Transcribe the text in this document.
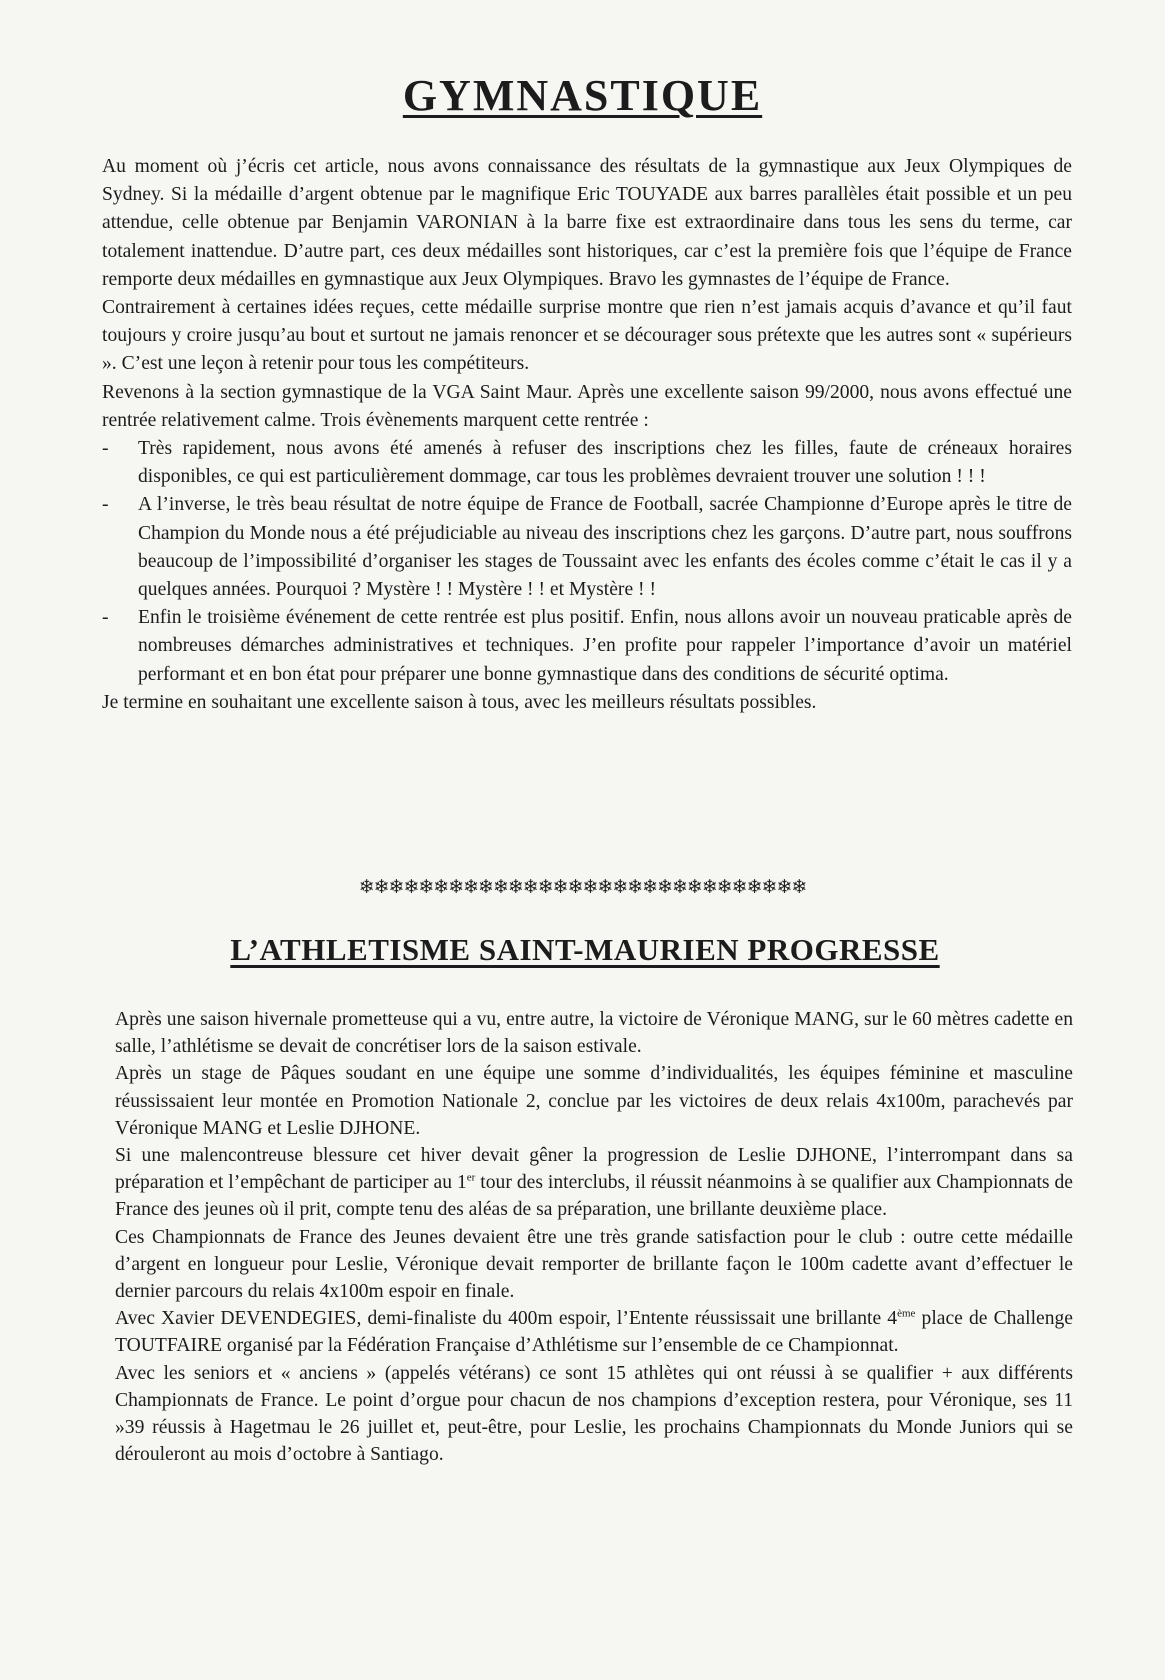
GYMNASTIQUE

Au moment où j’écris cet article, nous avons connaissance des résultats de la gymnastique aux Jeux Olympiques de Sydney. Si la médaille d’argent obtenue par le magnifique Eric TOUYADE aux barres parallèles était possible et un peu attendue, celle obtenue par Benjamin VARONIAN à la barre fixe est extraordinaire dans tous les sens du terme, car totalement inattendue. D’autre part, ces deux médailles sont historiques, car c’est la première fois que l’équipe de France remporte deux médailles en gymnastique aux Jeux Olympiques. Bravo les gymnastes de l’équipe de France.

Contrairement à certaines idées reçues, cette médaille surprise montre que rien n’est jamais acquis d’avance et qu’il faut toujours y croire jusqu’au bout et surtout ne jamais renoncer et se décourager sous prétexte que les autres sont « supérieurs ». C’est une leçon à retenir pour tous les compétiteurs.

Revenons à la section gymnastique de la VGA Saint Maur. Après une excellente saison 99/2000, nous avons effectué une rentrée relativement calme. Trois évènements marquent cette rentrée :

- Très rapidement, nous avons été amenés à refuser des inscriptions chez les filles, faute de créneaux horaires disponibles, ce qui est particulièrement dommage, car tous les problèmes devraient trouver une solution ! ! !
- A l’inverse, le très beau résultat de notre équipe de France de Football, sacrée Championne d’Europe après le titre de Champion du Monde nous a été préjudiciable au niveau des inscriptions chez les garçons. D’autre part, nous souffrons beaucoup de l’impossibilité d’organiser les stages de Toussaint avec les enfants des écoles comme c’était le cas il y a quelques années. Pourquoi ? Mystère ! ! Mystère ! ! et Mystère ! !
- Enfin le troisième événement de cette rentrée est plus positif. Enfin, nous allons avoir un nouveau praticable après de nombreuses démarches administratives et techniques. J’en profite pour rappeler l’importance d’avoir un matériel performant et en bon état pour préparer une bonne gymnastique dans des conditions de sécurité optima.

Je termine en souhaitant une excellente saison à tous, avec les meilleurs résultats possibles.

❄❄❄❄❄❄❄❄❄❄❄❄❄❄❄❄❄❄❄❄❄❄❄❄❄❄❄❄❄❄
L’ATHLETISME SAINT-MAURIEN PROGRESSE

Après une saison hivernale prometteuse qui a vu, entre autre, la victoire de Véronique MANG, sur le 60 mètres cadette en salle, l’athlétisme se devait de concrétiser lors de la saison estivale.

Après un stage de Pâques soudant en une équipe une somme d’individualités, les équipes féminine et masculine réussissaient leur montée en Promotion Nationale 2, conclue par les victoires de deux relais 4x100m, parachevés par Véronique MANG et Leslie DJHONE.

Si une malencontreuse blessure cet hiver devait gêner la progression de Leslie DJHONE, l’interrompant dans sa préparation et l’empêchant de participer au 1er tour des interclubs, il réussit néanmoins à se qualifier aux Championnats de France des jeunes où il prit, compte tenu des aléas de sa préparation, une brillante deuxième place.

Ces Championnats de France des Jeunes devaient être une très grande satisfaction pour le club : outre cette médaille d’argent en longueur pour Leslie, Véronique devait remporter de brillante façon le 100m cadette avant d’effectuer le dernier parcours du relais 4x100m espoir en finale.

Avec Xavier DEVENDEGIES, demi-finaliste du 400m espoir, l’Entente réussissait une brillante 4ème place de Challenge TOUTFAIRE organisé par la Fédération Française d’Athlétisme sur l’ensemble de ce Championnat.

Avec les seniors et « anciens » (appelés vétérans) ce sont 15 athlètes qui ont réussi à se qualifier + aux différents Championnats de France. Le point d’orgue pour chacun de nos champions d’exception restera, pour Véronique, ses 11 »39 réussis à Hagetmau le 26 juillet et, peut-être, pour Leslie, les prochains Championnats du Monde Juniors qui se dérouleront au mois d’octobre à Santiago.
